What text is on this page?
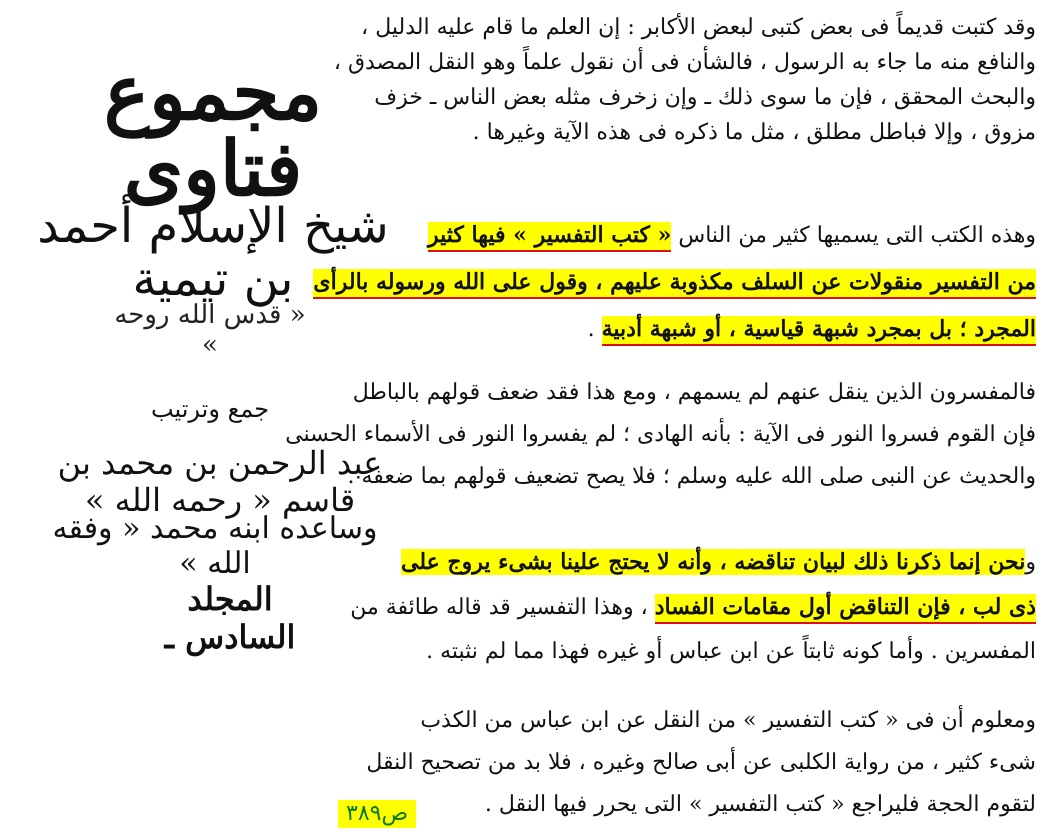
مجموع فتاوى
شيخ الإسلام أحمد بن تيمية
« قدس الله روحه »
جمع وترتيب
عبد الرحمن بن محمد بن قاسم « رحمه الله »
وساعده ابنه محمد « وفقه الله »
المجلد السادس ـ
ص٣٨٩
وقد كتبت قديماً فى بعض كتبى لبعض الأكابر : إن العلم ما قام عليه الدليل ،
والنافع منه ما جاء به الرسول ، فالشأن فى أن نقول علماً وهو النقل المصدق ،
والبحث المحقق ، فإن ما سوى ذلك ـ وإن زخرف مثله بعض الناس ـ خزف
مزوق ، وإلا فباطل مطلق ، مثل ما ذكره فى هذه الآية وغيرها .
وهذه الكتب التى يسميها كثير من الناس « كتب التفسير » فيها كثير
من التفسير منقولات عن السلف مكذوبة عليهم ، وقول على الله ورسوله بالرأى
المجرد ؛ بل بمجرد شبهة قياسية ، أو شبهة أدبية .
فالمفسرون الذين ينقل عنهم لم يسمهم ، ومع هذا فقد ضعف قولهم بالباطل
فإن القوم فسروا النور فى الآية : بأنه الهادى ؛ لم يفسروا النور فى الأسماء الحسنى
والحديث عن النبى صلى الله عليه وسلم ؛ فلا يصح تضعيف قولهم بما ضعفه .
ونحن إنما ذكرنا ذلك لبيان تناقضه ، وأنه لا يحتج علينا بشىء يروج على
ذى لب ، فإن التناقض أول مقامات الفساد ، وهذا التفسير قد قاله طائفة من
المفسرين . وأما كونه ثابتاً عن ابن عباس أو غيره فهذا مما لم نثبته .
ومعلوم أن فى « كتب التفسير » من النقل عن ابن عباس من الكذب
شىء كثير ، من رواية الكلبى عن أبى صالح وغيره ، فلا بد من تصحيح النقل
لتقوم الحجة فليراجع « كتب التفسير » التى يحرر فيها النقل .
